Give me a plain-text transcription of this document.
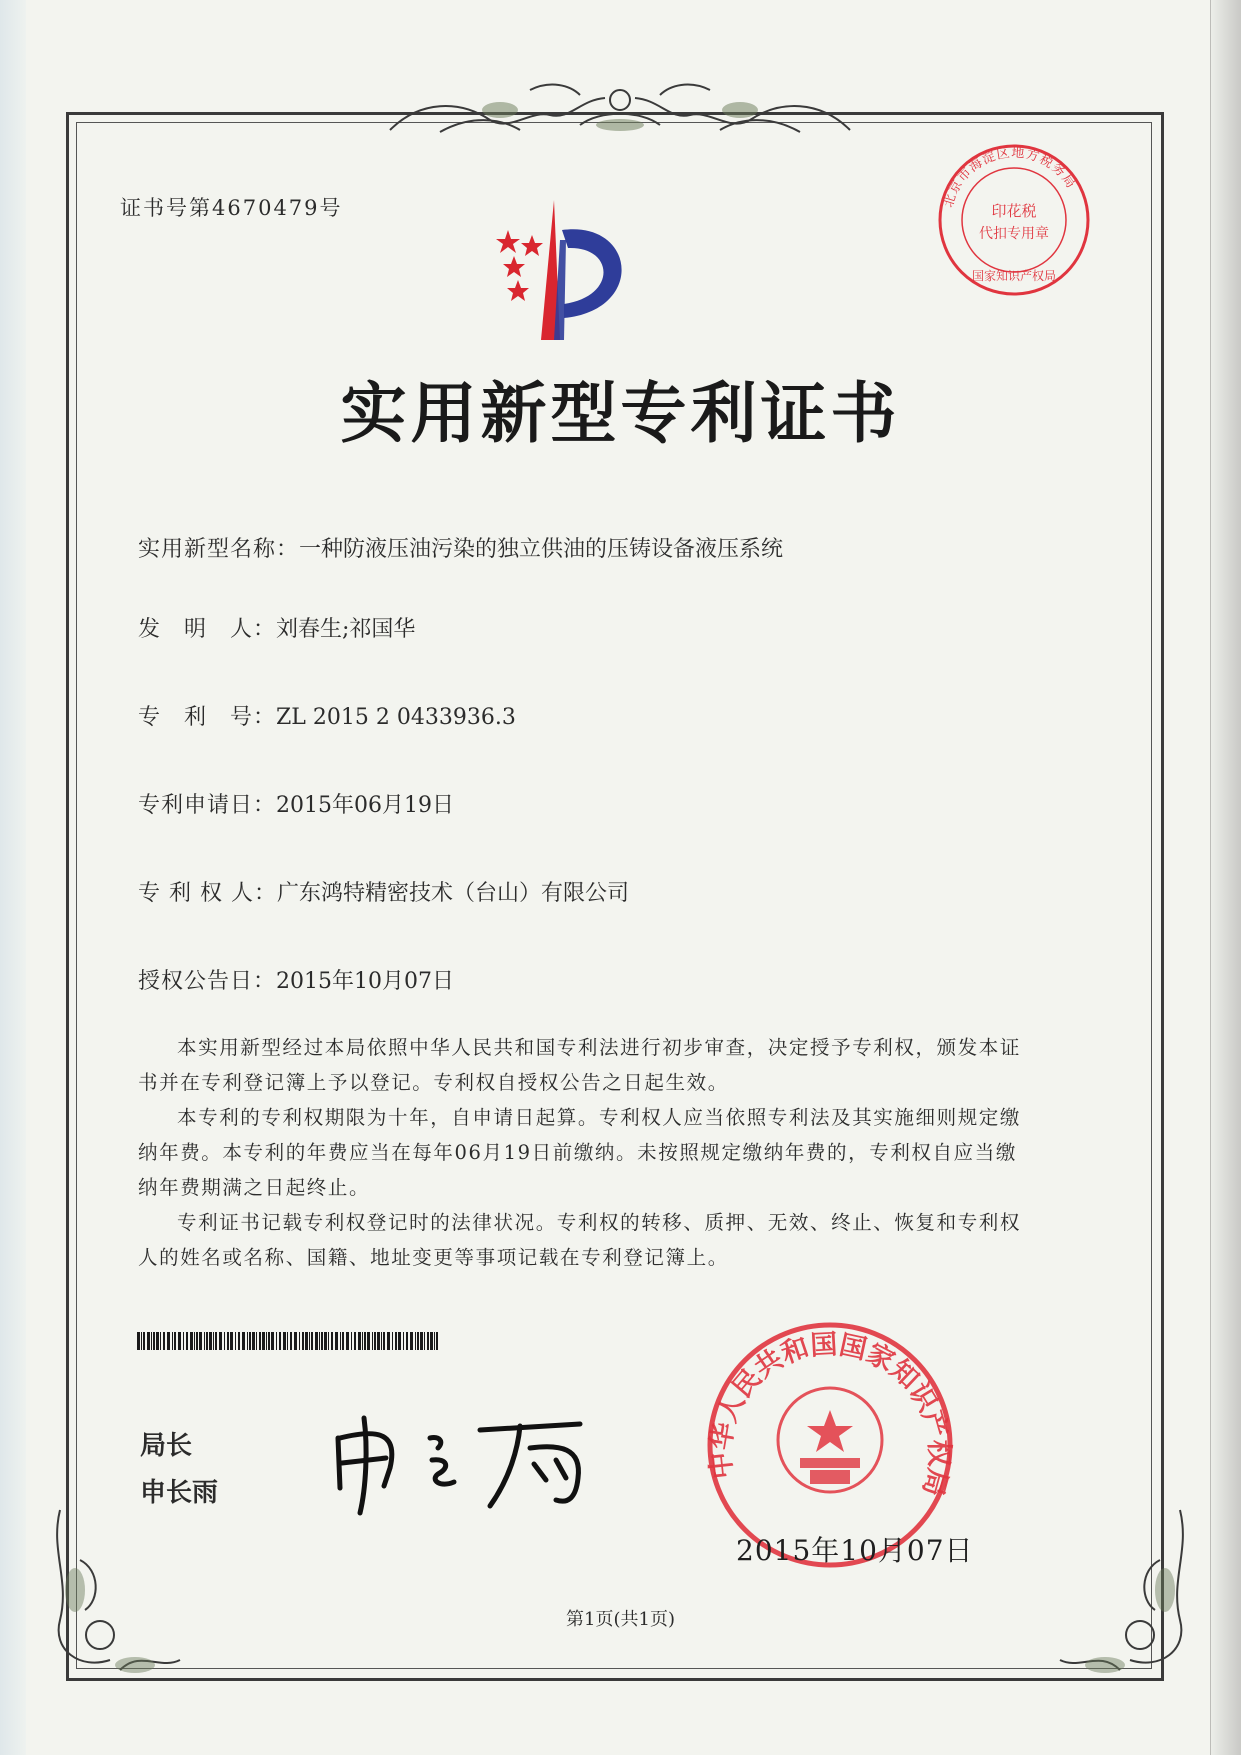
证书号第4670479号	北京市海淀区地方税务局
印花税
代扣专用章
国家知识产权局
实用新型专利证书
实用新型名称：一种防液压油污染的独立供油的压铸设备液压系统
发　明　人：刘春生;祁国华
专　利　号：ZL 2015 2 0433936.3
专利申请日：2015年06月19日
专 利 权 人：广东鸿特精密技术（台山）有限公司
授权公告日：2015年10月07日

本实用新型经过本局依照中华人民共和国专利法进行初步审查，决定授予专利权，颁发本证书并在专利登记簿上予以登记。专利权自授权公告之日起生效。

本专利的专利权期限为十年，自申请日起算。专利权人应当依照专利法及其实施细则规定缴纳年费。本专利的年费应当在每年06月19日前缴纳。未按照规定缴纳年费的，专利权自应当缴纳年费期满之日起终止。

专利证书记载专利权登记时的法律状况。专利权的转移、质押、无效、终止、恢复和专利权人的姓名或名称、国籍、地址变更等事项记载在专利登记簿上。

局长
申长雨
中华人民共和国国家知识产权局
2015年10月07日
第1页(共1页)
